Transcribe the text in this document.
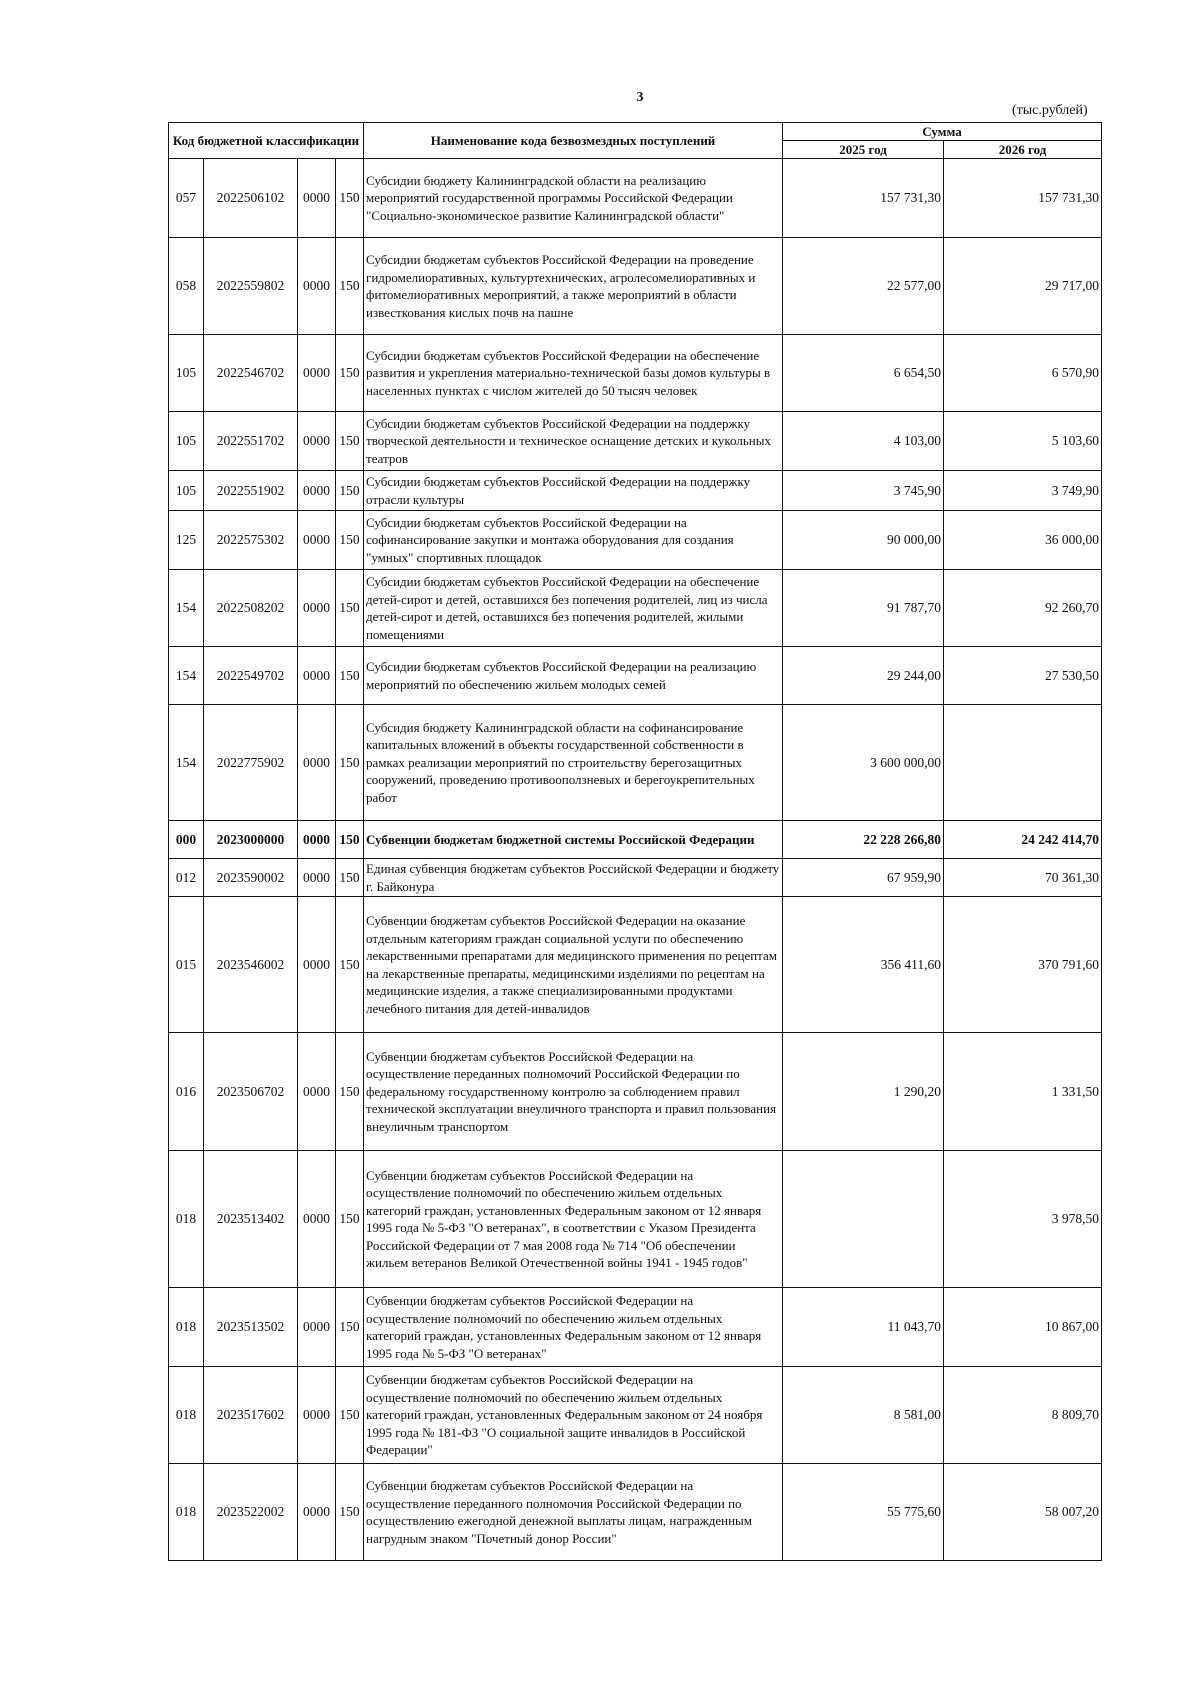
3
(тыс.рублей)
Код бюджетной классификации				Наименование кода безвозмездных поступлений	Сумма	
					2025 год	2026 год
057	2022506102	0000	150	Субсидии бюджету Калининградской области на реализацию мероприятий государственной программы Российской Федерации "Социально-экономическое развитие Калининградской области"	157 731,30	157 731,30
058	2022559802	0000	150	Субсидии бюджетам субъектов Российской Федерации на проведение гидромелиоративных, культуртехнических, агролесомелиоративных и фитомелиоративных мероприятий, а также мероприятий в области известкования кислых почв на пашне	22 577,00	29 717,00
105	2022546702	0000	150	Субсидии бюджетам субъектов Российской Федерации на обеспечение развития и укрепления материально-технической базы домов культуры в населенных пунктах с числом жителей до 50 тысяч человек	6 654,50	6 570,90
105	2022551702	0000	150	Субсидии бюджетам субъектов Российской Федерации на поддержку творческой деятельности и техническое оснащение детских и кукольных театров	4 103,00	5 103,60
105	2022551902	0000	150	Субсидии бюджетам субъектов Российской Федерации на поддержку отрасли культуры	3 745,90	3 749,90
125	2022575302	0000	150	Субсидии бюджетам субъектов Российской Федерации на софинансирование закупки и монтажа оборудования для создания "умных" спортивных площадок	90 000,00	36 000,00
154	2022508202	0000	150	Субсидии бюджетам субъектов Российской Федерации на обеспечение детей-сирот и детей, оставшихся без попечения родителей, лиц из числа детей-сирот и детей, оставшихся без попечения родителей, жилыми помещениями	91 787,70	92 260,70
154	2022549702	0000	150	Субсидии бюджетам субъектов Российской Федерации на реализацию мероприятий по обеспечению жильем молодых семей	29 244,00	27 530,50
154	2022775902	0000	150	Субсидия бюджету Калининградской области на софинансирование капитальных вложений в объекты государственной собственности в рамках реализации мероприятий по строительству берегозащитных сооружений, проведению противооползневых и берегоукрепительных работ	3 600 000,00	
000	2023000000	0000	150	Субвенции бюджетам бюджетной системы Российской Федерации	22 228 266,80	24 242 414,70
012	2023590002	0000	150	Единая субвенция бюджетам субъектов Российской Федерации и бюджету г. Байконура	67 959,90	70 361,30
015	2023546002	0000	150	Субвенции бюджетам субъектов Российской Федерации на оказание отдельным категориям граждан социальной услуги по обеспечению лекарственными препаратами для медицинского применения по рецептам на лекарственные препараты, медицинскими изделиями по рецептам на медицинские изделия, а также специализированными продуктами лечебного питания для детей-инвалидов	356 411,60	370 791,60
016	2023506702	0000	150	Субвенции бюджетам субъектов Российской Федерации на осуществление переданных полномочий Российской Федерации по федеральному государственному контролю за соблюдением правил технической эксплуатации внеуличного транспорта и правил пользования внеуличным транспортом	1 290,20	1 331,50
018	2023513402	0000	150	Субвенции бюджетам субъектов Российской Федерации на осуществление полномочий по обеспечению жильем отдельных категорий граждан, установленных Федеральным законом от 12 января 1995 года № 5-ФЗ "О ветеранах", в соответствии с Указом Президента Российской Федерации от 7 мая 2008 года № 714 "Об обеспечении жильем ветеранов Великой Отечественной войны 1941 - 1945 годов"		3 978,50
018	2023513502	0000	150	Субвенции бюджетам субъектов Российской Федерации на осуществление полномочий по обеспечению жильем отдельных категорий граждан, установленных Федеральным законом от 12 января 1995 года № 5-ФЗ "О ветеранах"	11 043,70	10 867,00
018	2023517602	0000	150	Субвенции бюджетам субъектов Российской Федерации на осуществление полномочий по обеспечению жильем отдельных категорий граждан, установленных Федеральным законом от 24 ноября 1995 года № 181-ФЗ "О социальной защите инвалидов в Российской Федерации"	8 581,00	8 809,70
018	2023522002	0000	150	Субвенции бюджетам субъектов Российской Федерации на осуществление переданного полномочия Российской Федерации по осуществлению ежегодной денежной выплаты лицам, награжденным нагрудным знаком "Почетный донор России"	55 775,60	58 007,20
